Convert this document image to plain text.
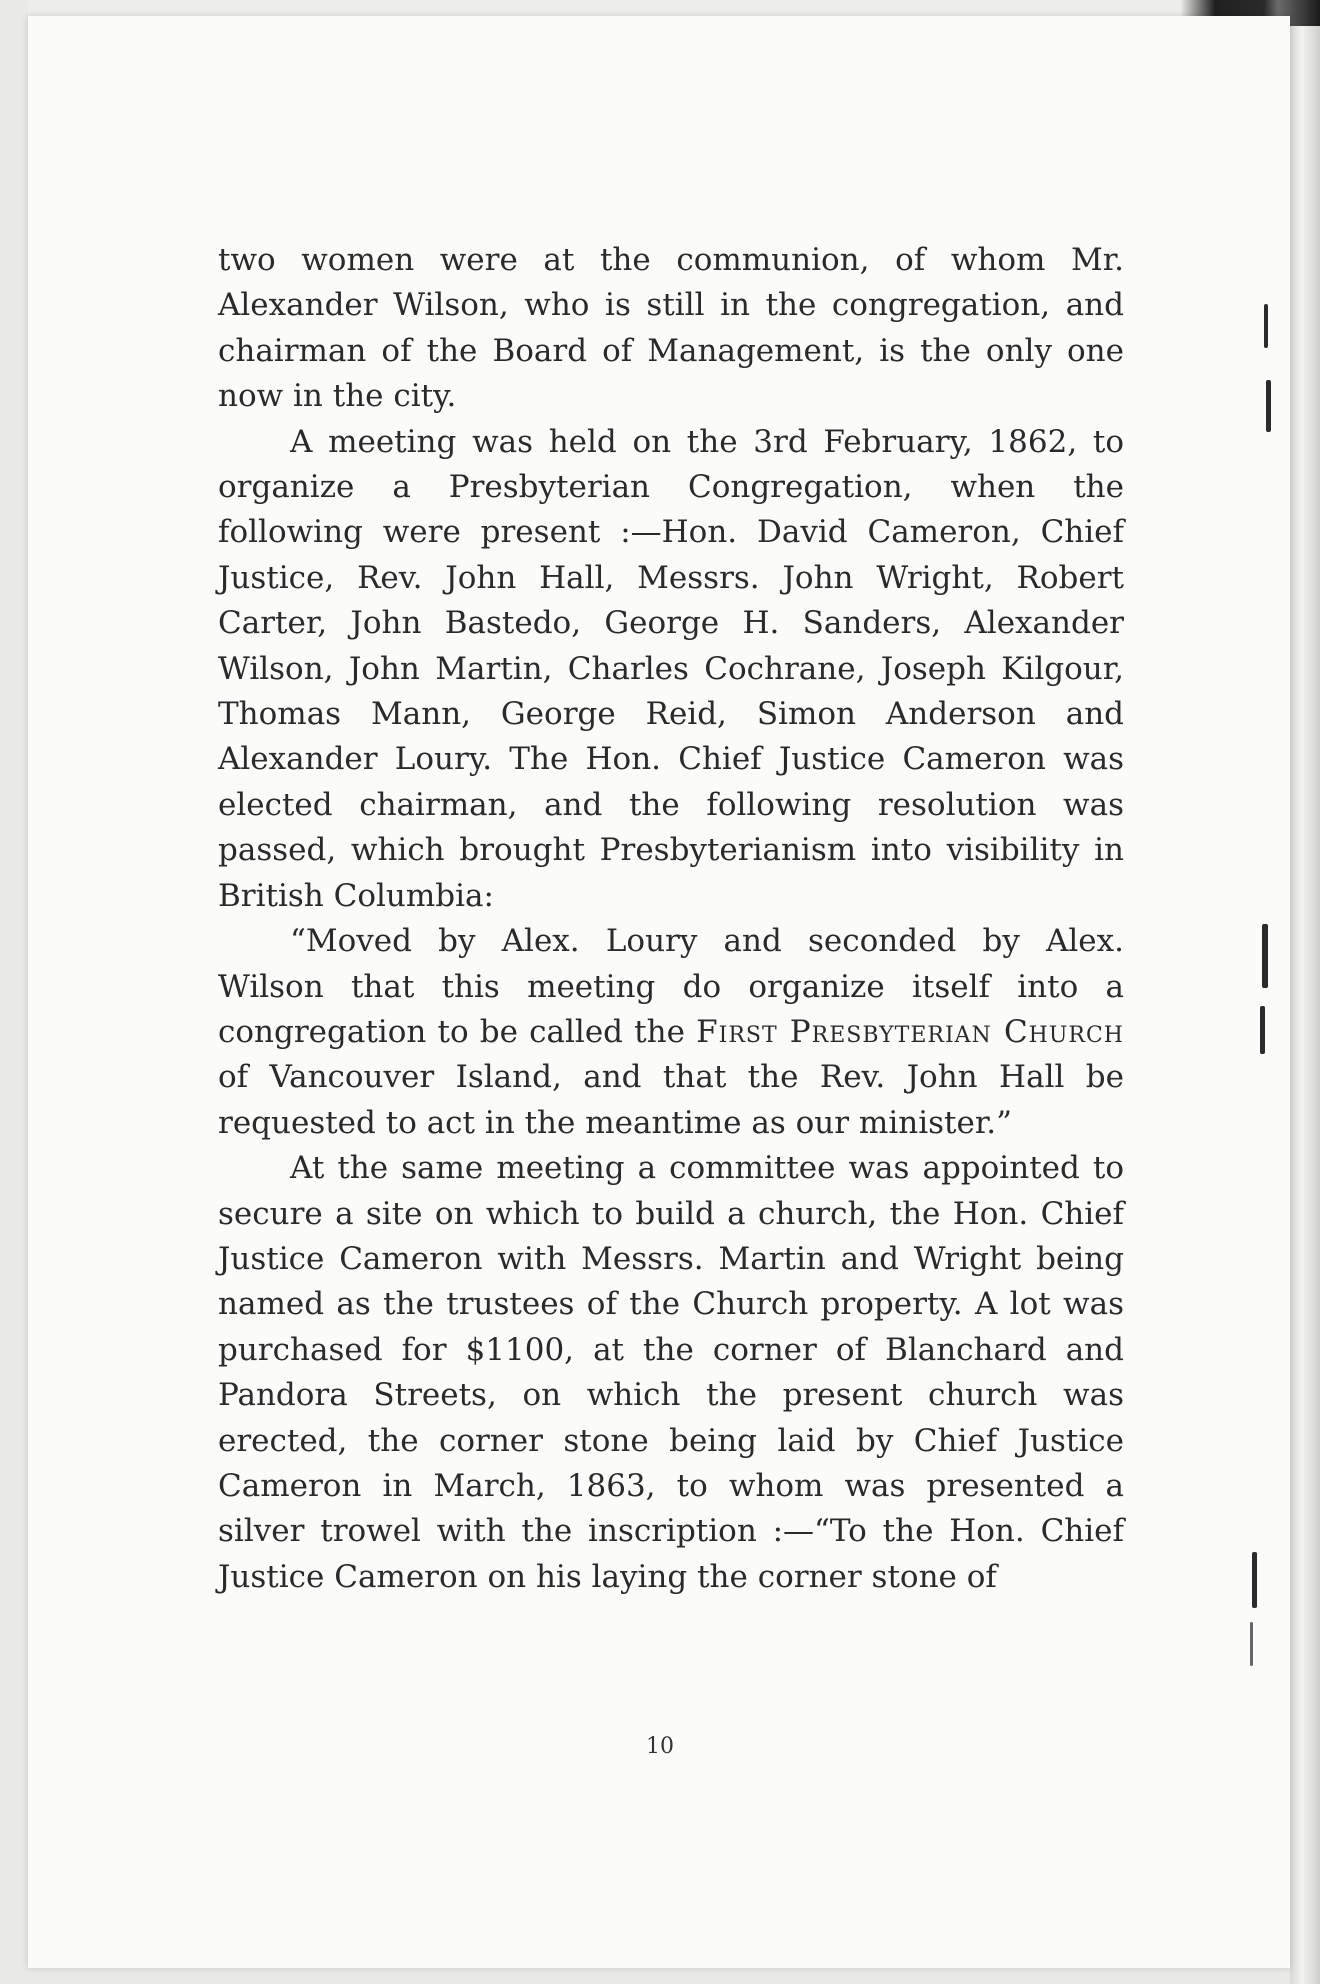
two women were at the communion, of whom Mr. Alexander Wilson, who is still in the congregation, and chairman of the Board of Management, is the only one now in the city.

A meeting was held on the 3rd February, 1862, to organize a Presbyterian Congregation, when the following were present :—Hon. David Cameron, Chief Justice, Rev. John Hall, Messrs. John Wright, Robert Carter, John Bastedo, George H. Sanders, Alexander Wilson, John Martin, Charles Cochrane, Joseph Kilgour, Thomas Mann, George Reid, Simon Anderson and Alexander Loury. The Hon. Chief Justice Cameron was elected chairman, and the following resolution was passed, which brought Presbyterianism into visibility in British Columbia:

“Moved by Alex. Loury and seconded by Alex. Wilson that this meeting do organize itself into a congregation to be called the First Presbyterian Church of Vancouver Island, and that the Rev. John Hall be requested to act in the meantime as our minister.”

At the same meeting a committee was appointed to secure a site on which to build a church, the Hon. Chief Justice Cameron with Messrs. Martin and Wright being named as the trustees of the Church property. A lot was purchased for $1100, at the corner of Blanchard and Pandora Streets, on which the present church was erected, the corner stone being laid by Chief Justice Cameron in March, 1863, to whom was presented a silver trowel with the inscription :—“To the Hon. Chief Justice Cameron on his laying the corner stone of

10
